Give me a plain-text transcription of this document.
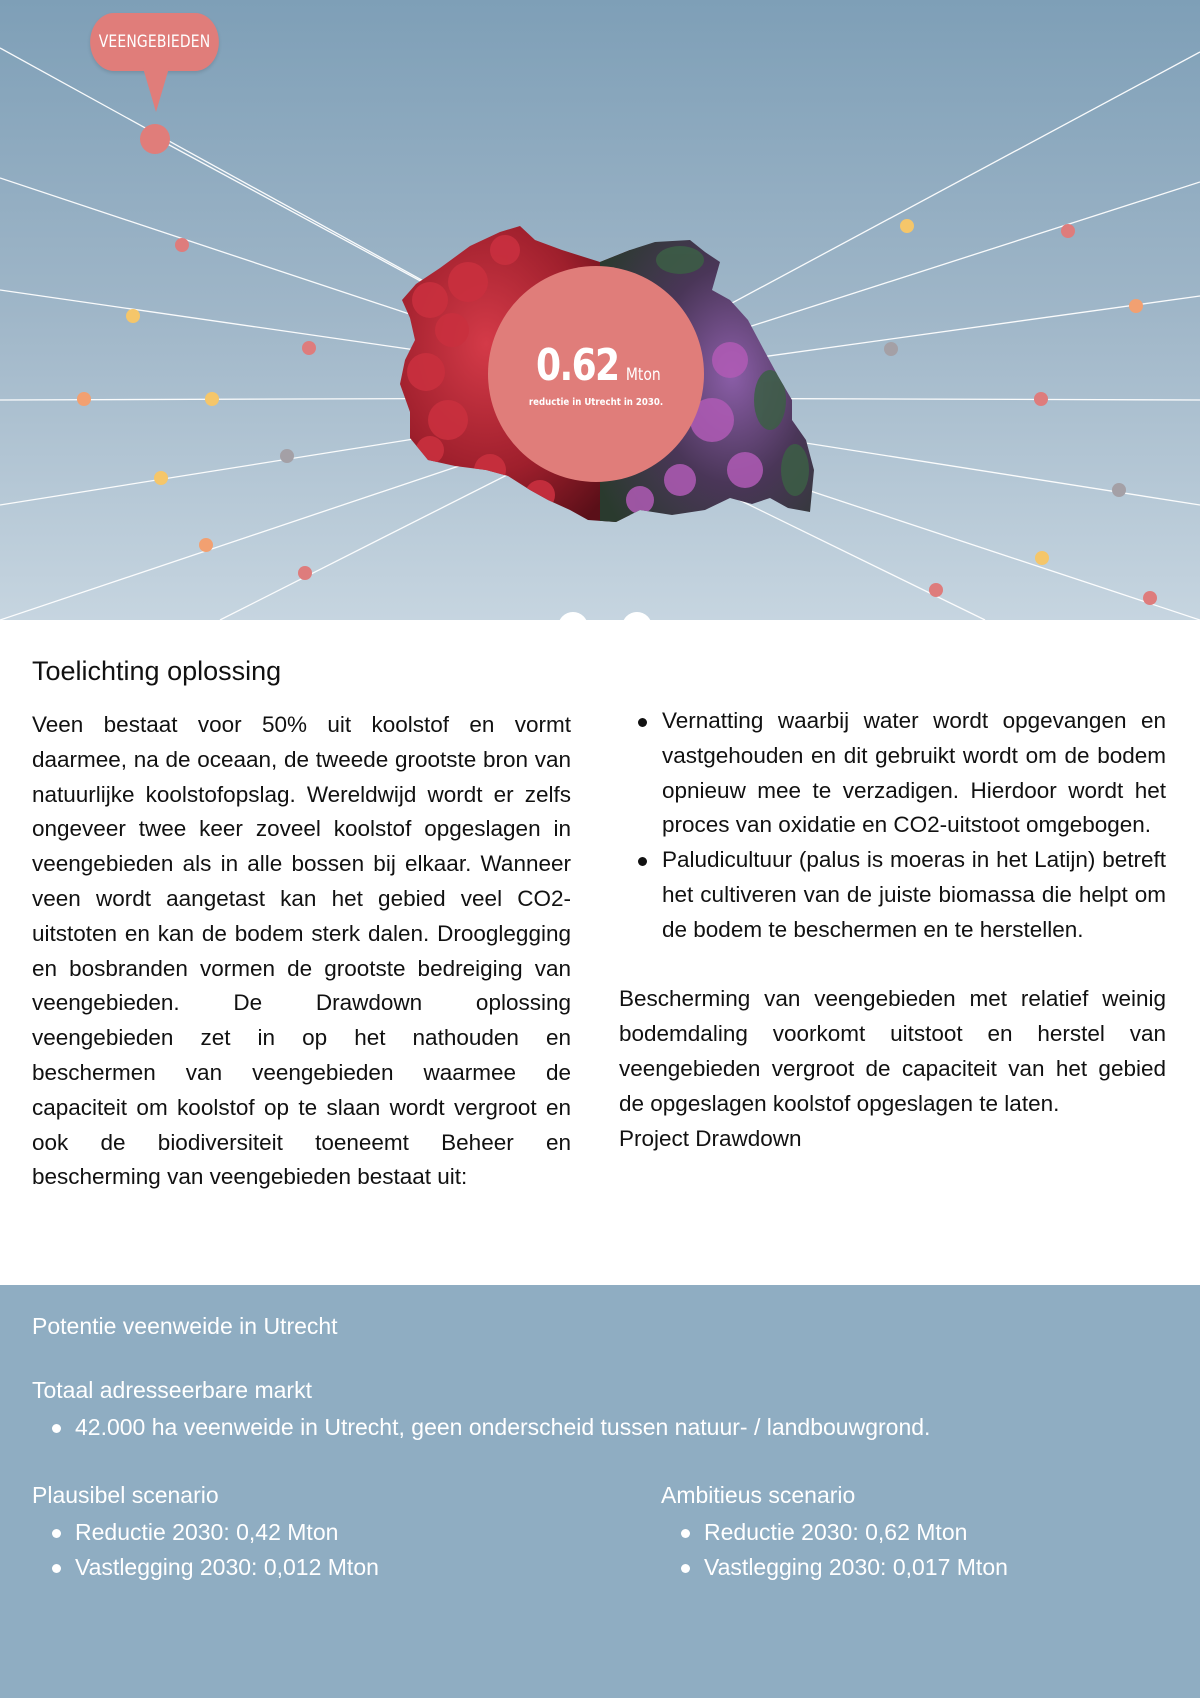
0.62 Mton
reductie in Utrecht in 2030.
VEENGEBIEDEN
Toelichting oplossing

Veen bestaat voor 50% uit koolstof en vormt daarmee, na de oceaan, de tweede grootste bron van natuurlijke koolstofopslag. Wereldwijd wordt er zelfs ongeveer twee keer zoveel koolstof opgeslagen in veengebieden als in alle bossen bij elkaar. Wanneer veen wordt aangetast kan het gebied veel CO2-uitstoten en kan de bodem sterk dalen. Drooglegging en bosbranden vormen de grootste bedreiging van veengebieden. De Drawdown oplossing veengebieden zet in op het nathouden en beschermen van veengebieden waarmee de capaciteit om koolstof op te slaan wordt vergroot en ook de biodiversiteit toeneemt Beheer en bescherming van veengebieden bestaat uit:

Vernatting waarbij water wordt opgevangen en vastgehouden en dit gebruikt wordt om de bodem opnieuw mee te verzadigen. Hierdoor wordt het proces van oxidatie en CO2-uitstoot omgebogen.
Paludicultuur (palus is moeras in het Latijn) betreft het cultiveren van de juiste biomassa die helpt om de bodem te beschermen en te herstellen.

Bescherming van veengebieden met relatief weinig bodemdaling voorkomt uitstoot en herstel van veengebieden vergroot de capaciteit van het gebied de opgeslagen koolstof opgeslagen te laten.

Project Drawdown

Potentie veenweide in Utrecht
Totaal adresseerbare markt
42.000 ha veenweide in Utrecht, geen onderscheid tussen natuur- / landbouwgrond.
Plausibel scenario
Reductie 2030: 0,42 Mton
Vastlegging 2030: 0,012 Mton
Ambitieus scenario
Reductie 2030: 0,62 Mton
Vastlegging 2030: 0,017 Mton
